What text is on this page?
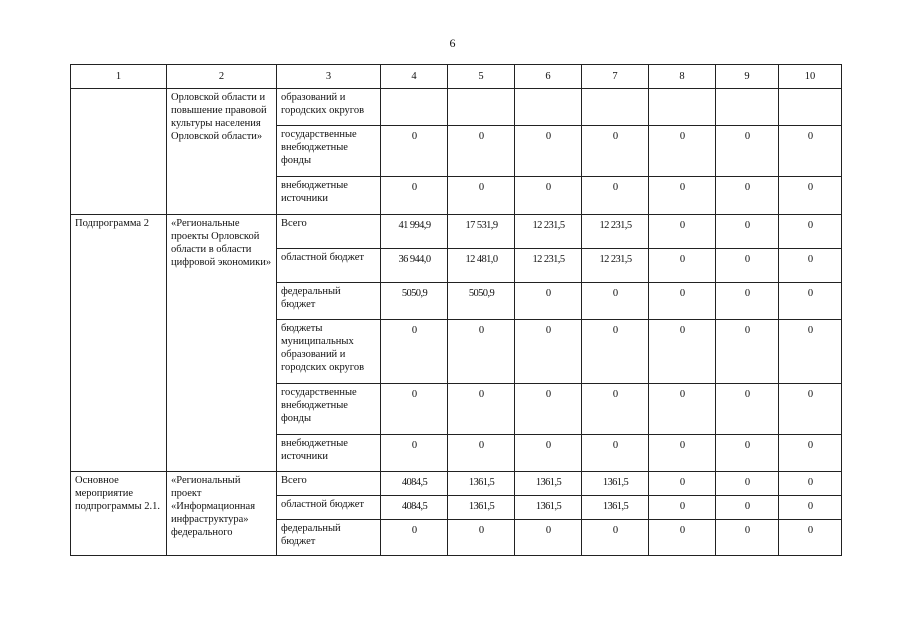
6
1	2	3	4	5	6	7	8	9	10
	Орловской области и повышение правовой культуры населения Орловской области»	образований и городских округов							
		государственные внебюджетные фонды	0	0	0	0	0	0	0
		внебюджетные источники	0	0	0	0	0	0	0
Подпрограмма 2	«Региональные проекты Орловской области в области цифровой экономики»	Всего	41 994,9	17 531,9	12 231,5	12 231,5	0	0	0
		областной бюджет	36 944,0	12 481,0	12 231,5	12 231,5	0	0	0
		федеральный бюджет	5050,9	5050,9	0	0	0	0	0
		бюджеты муниципальных образований и городских округов	0	0	0	0	0	0	0
		государственные внебюджетные фонды	0	0	0	0	0	0	0
		внебюджетные источники	0	0	0	0	0	0	0
Основное мероприятие подпрограммы 2.1.	«Региональный проект «Информационная инфраструктура» федерального	Всего	4084,5	1361,5	1361,5	1361,5	0	0	0
		областной бюджет	4084,5	1361,5	1361,5	1361,5	0	0	0
		федеральный бюджет	0	0	0	0	0	0	0
